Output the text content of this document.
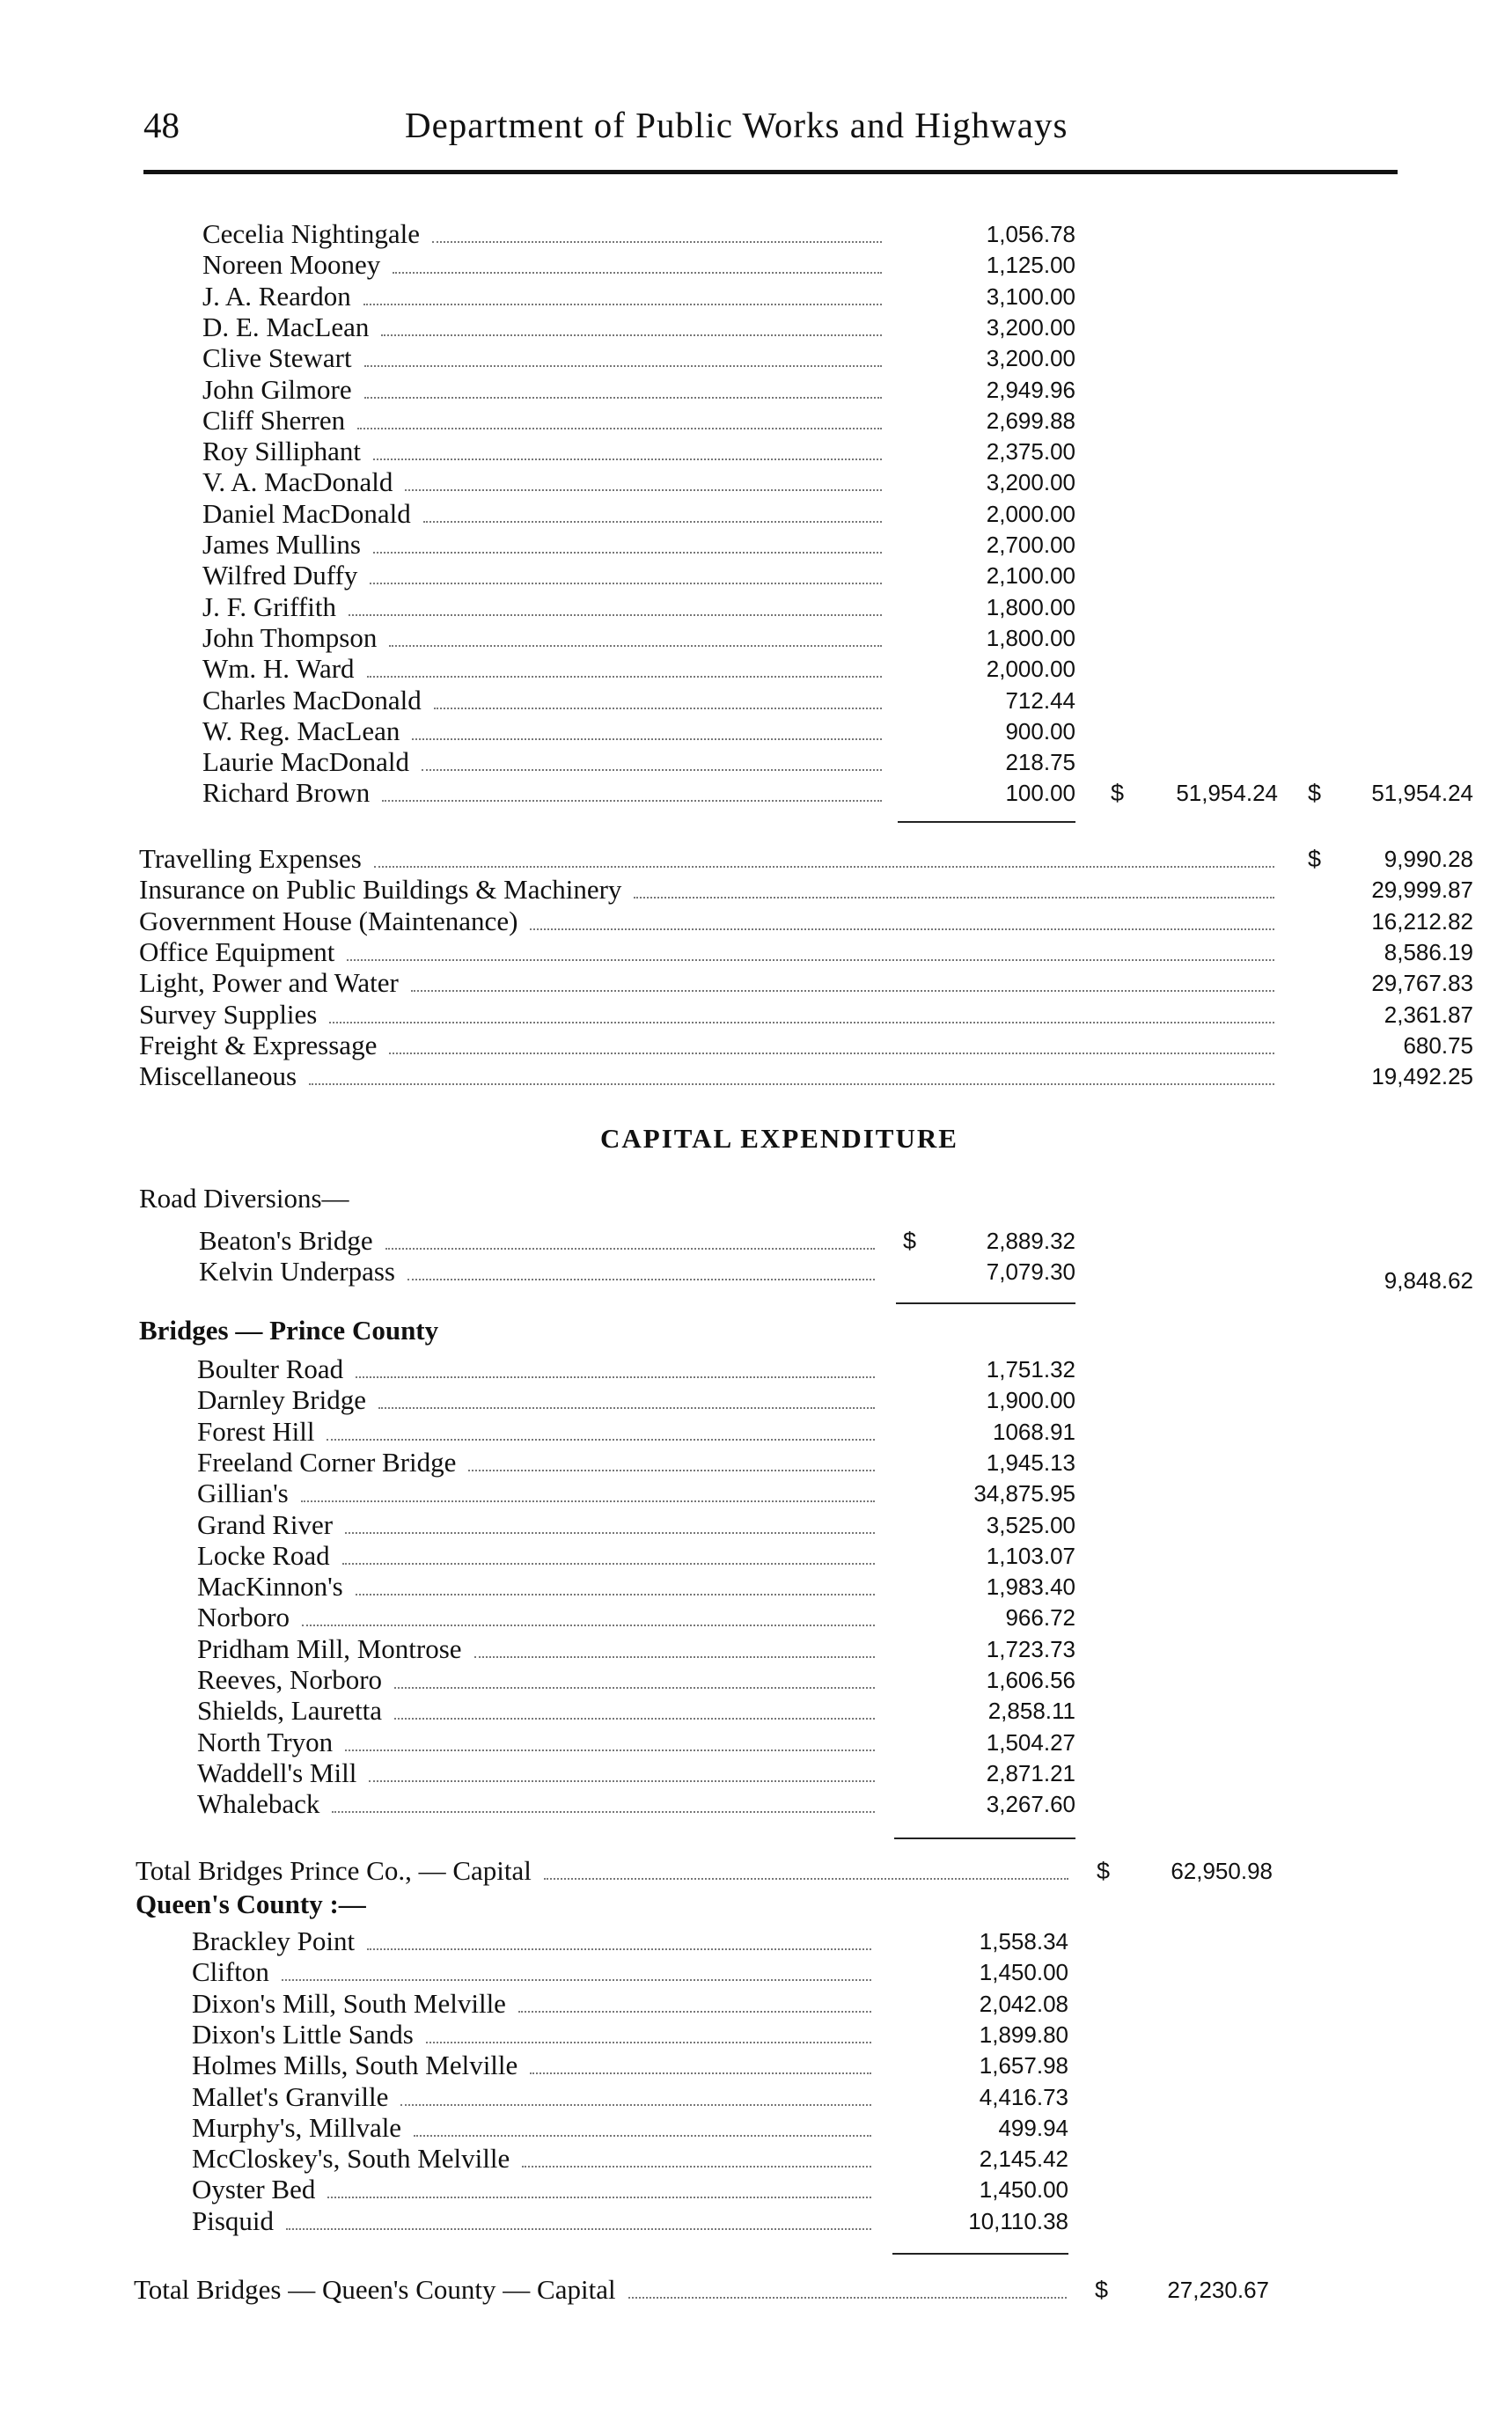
48	Department of Public Works and Highways
CAPITAL EXPENDITURE
Road Diversions—
Bridges — Prince County
Queen's County :—
Cecelia Nightingale	1,056.78
Noreen Mooney	1,125.00
J. A. Reardon	3,100.00
D. E. MacLean	3,200.00
Clive Stewart	3,200.00
John Gilmore	2,949.96
Cliff Sherren	2,699.88
Roy Silliphant	2,375.00
V. A. MacDonald	3,200.00
Daniel MacDonald	2,000.00
James Mullins	2,700.00
Wilfred Duffy	2,100.00
J. F. Griffith	1,800.00
John Thompson	1,800.00
Wm. H. Ward	2,000.00
Charles MacDonald	712.44
W. Reg. MacLean	900.00
Laurie MacDonald	218.75
Richard Brown	100.00 $ 51,954.24 $ 51,954.24
Travelling Expenses	$	9,990.28
Insurance on Public Buildings & Machinery	29,999.87
Government House (Maintenance)	16,212.82
Office Equipment	8,586.19
Light, Power and Water	29,767.83
Survey Supplies	2,361.87
Freight & Expressage	680.75
Miscellaneous	19,492.25
Beaton's Bridge	$	2,889.32
Kelvin Underpass	7,079.30	9,848.62
Boulter Road	1,751.32
Darnley Bridge	1,900.00
Forest Hill	1068.91
Freeland Corner Bridge	1,945.13
Gillian's	34,875.95
Grand River	3,525.00
Locke Road	1,103.07
MacKinnon's	1,983.40
Norboro	966.72
Pridham Mill, Montrose	1,723.73
Reeves, Norboro	1,606.56
Shields, Lauretta	2,858.11
North Tryon	1,504.27
Waddell's Mill	2,871.21
Whaleback	3,267.60
Total Bridges Prince Co., — Capital	$	62,950.98
Brackley Point	1,558.34
Clifton	1,450.00
Dixon's Mill, South Melville	2,042.08
Dixon's Little Sands	1,899.80
Holmes Mills, South Melville	1,657.98
Mallet's Granville	4,416.73
Murphy's, Millvale	499.94
McCloskey's, South Melville	2,145.42
Oyster Bed	1,450.00
Pisquid	10,110.38
Total Bridges — Queen's County — Capital	$	27,230.67
